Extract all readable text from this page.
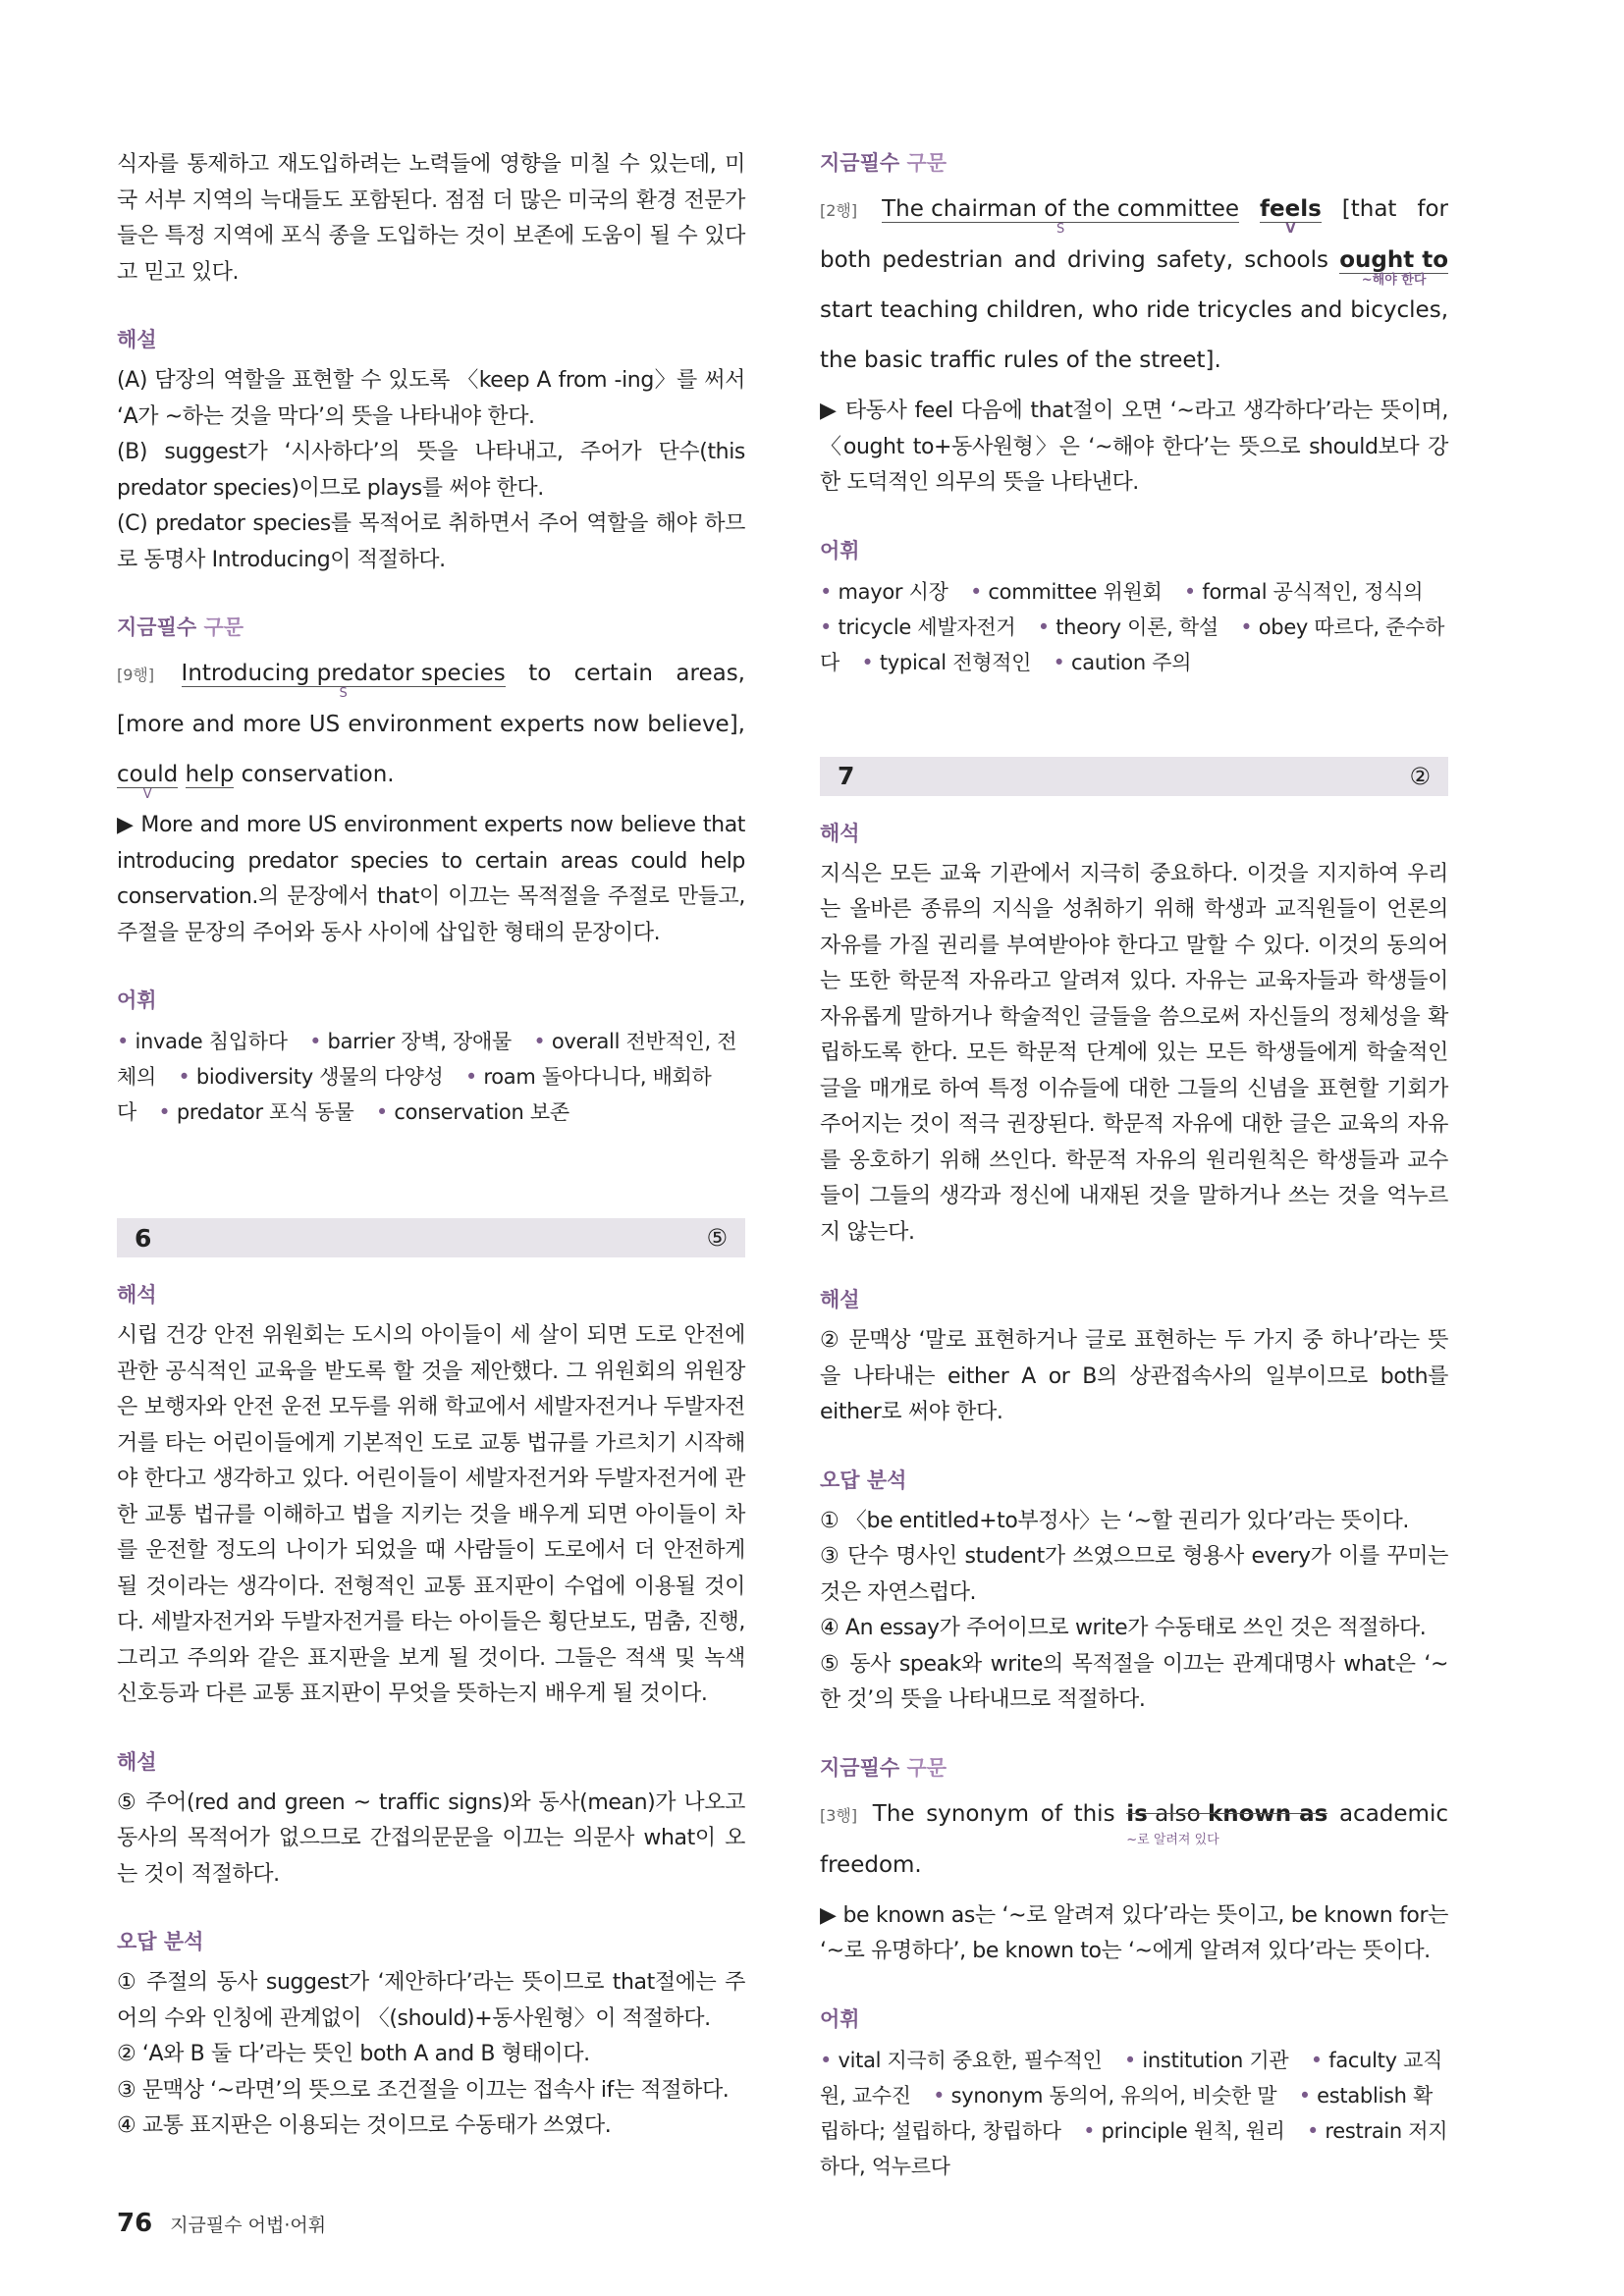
식자를 통제하고 재도입하려는 노력들에 영향을 미칠 수 있는데, 미국 서부 지역의 늑대들도 포함된다. 점점 더 많은 미국의 환경 전문가들은 특정 지역에 포식 종을 도입하는 것이 보존에 도움이 될 수 있다고 믿고 있다.

해설

(A) 담장의 역할을 표현할 수 있도록 〈keep A from -ing〉를 써서 ‘A가 ~하는 것을 막다’의 뜻을 나타내야 한다.

(B) suggest가 ‘시사하다’의 뜻을 나타내고, 주어가 단수(this predator species)이므로 plays를 써야 한다.

(C) predator species를 목적어로 취하면서 주어 역할을 해야 하므로 동명사 Introducing이 적절하다.

지금필수 구문

[9행] Introducing predator species
S
to certain areas, [more and more US environment experts now believe], could
V
help conservation.

▶ More and more US environment experts now believe that introducing predator species to certain areas could help conservation.의 문장에서 that이 이끄는 목적절을 주절로 만들고, 주절을 문장의 주어와 동사 사이에 삽입한 형태의 문장이다.

어휘
• invade 침입하다 • barrier 장벽, 장애물 • overall 전반적인, 전체의 • biodiversity 생물의 다양성 • roam 돌아다니다, 배회하다 • predator 포식 동물 • conservation 보존
6	⑤
해석

시립 건강 안전 위원회는 도시의 아이들이 세 살이 되면 도로 안전에 관한 공식적인 교육을 받도록 할 것을 제안했다. 그 위원회의 위원장은 보행자와 안전 운전 모두를 위해 학교에서 세발자전거나 두발자전거를 타는 어린이들에게 기본적인 도로 교통 법규를 가르치기 시작해야 한다고 생각하고 있다. 어린이들이 세발자전거와 두발자전거에 관한 교통 법규를 이해하고 법을 지키는 것을 배우게 되면 아이들이 차를 운전할 정도의 나이가 되었을 때 사람들이 도로에서 더 안전하게 될 것이라는 생각이다. 전형적인 교통 표지판이 수업에 이용될 것이다. 세발자전거와 두발자전거를 타는 아이들은 횡단보도, 멈춤, 진행, 그리고 주의와 같은 표지판을 보게 될 것이다. 그들은 적색 및 녹색 신호등과 다른 교통 표지판이 무엇을 뜻하는지 배우게 될 것이다.

해설

⑤ 주어(red and green ~ traffic signs)와 동사(mean)가 나오고 동사의 목적어가 없으므로 간접의문문을 이끄는 의문사 what이 오는 것이 적절하다.

오답 분석

① 주절의 동사 suggest가 ‘제안하다’라는 뜻이므로 that절에는 주어의 수와 인칭에 관계없이 〈(should)+동사원형〉이 적절하다.

② ‘A와 B 둘 다’라는 뜻인 both A and B 형태이다.

③ 문맥상 ‘~라면’의 뜻으로 조건절을 이끄는 접속사 if는 적절하다.

④ 교통 표지판은 이용되는 것이므로 수동태가 쓰였다.

지금필수 구문

[2행] The chairman of the committee
S
feels
V
[that for both pedestrian and driving safety, schools ought to
~해야 한다
start teaching children, who ride tricycles and bicycles, the basic traffic rules of the street].

▶ 타동사 feel 다음에 that절이 오면 ‘~라고 생각하다’라는 뜻이며, 〈ought to+동사원형〉은 ‘~해야 한다’는 뜻으로 should보다 강한 도덕적인 의무의 뜻을 나타낸다.

어휘
• mayor 시장 • committee 위원회 • formal 공식적인, 정식의 • tricycle 세발자전거 • theory 이론, 학설 • obey 따르다, 준수하다 • typical 전형적인 • caution 주의
7	②
해석

지식은 모든 교육 기관에서 지극히 중요하다. 이것을 지지하여 우리는 올바른 종류의 지식을 성취하기 위해 학생과 교직원들이 언론의 자유를 가질 권리를 부여받아야 한다고 말할 수 있다. 이것의 동의어는 또한 학문적 자유라고 알려져 있다. 자유는 교육자들과 학생들이 자유롭게 말하거나 학술적인 글들을 씀으로써 자신들의 정체성을 확립하도록 한다. 모든 학문적 단계에 있는 모든 학생들에게 학술적인 글을 매개로 하여 특정 이슈들에 대한 그들의 신념을 표현할 기회가 주어지는 것이 적극 권장된다. 학문적 자유에 대한 글은 교육의 자유를 옹호하기 위해 쓰인다. 학문적 자유의 원리원칙은 학생들과 교수들이 그들의 생각과 정신에 내재된 것을 말하거나 쓰는 것을 억누르지 않는다.

해설

② 문맥상 ‘말로 표현하거나 글로 표현하는 두 가지 중 하나’라는 뜻을 나타내는 either A or B의 상관접속사의 일부이므로 both를 either로 써야 한다.

오답 분석

① 〈be entitled+to부정사〉는 ‘~할 권리가 있다’라는 뜻이다.

③ 단수 명사인 student가 쓰였으므로 형용사 every가 이를 꾸미는 것은 자연스럽다.

④ An essay가 주어이므로 write가 수동태로 쓰인 것은 적절하다.

⑤ 동사 speak와 write의 목적절을 이끄는 관계대명사 what은 ‘~한 것’의 뜻을 나타내므로 적절하다.

지금필수 구문

[3행] The synonym of this is also known as
~로 알려져 있다
academic freedom.

▶ be known as는 ‘~로 알려져 있다’라는 뜻이고, be known for는 ‘~로 유명하다’, be known to는 ‘~에게 알려져 있다’라는 뜻이다.

어휘
• vital 지극히 중요한, 필수적인 • institution 기관 • faculty 교직원, 교수진 • synonym 동의어, 유의어, 비슷한 말 • establish 확립하다; 설립하다, 창립하다 • principle 원칙, 원리 • restrain 저지하다, 억누르다
76 지금필수 어법·어휘
